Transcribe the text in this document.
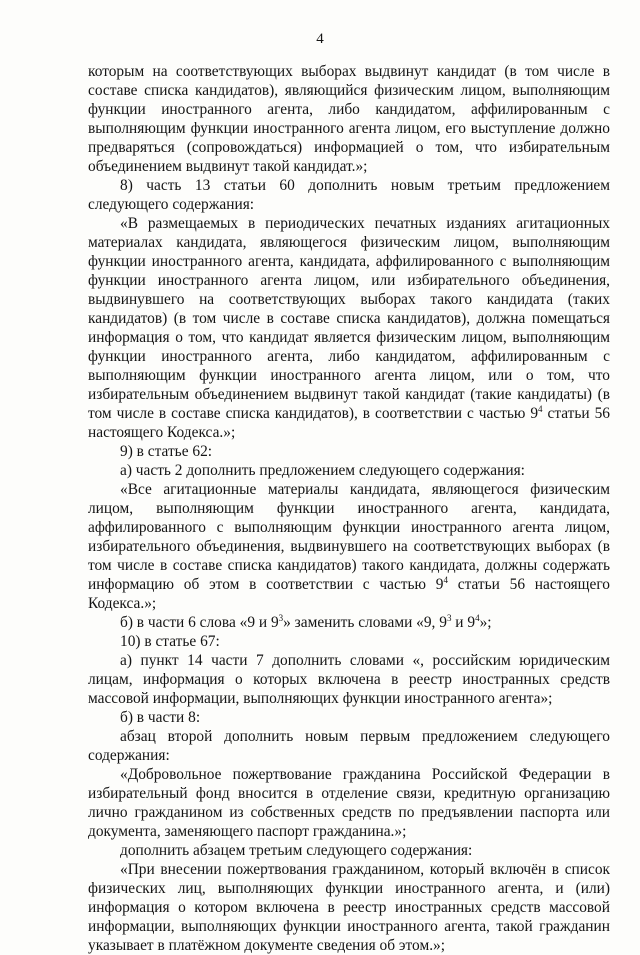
4

которым на соответствующих выборах выдвинут кандидат (в том числе в составе списка кандидатов), являющийся физическим лицом, выполняющим функции иностранного агента, либо кандидатом, аффилированным с выполняющим функции иностранного агента лицом, его выступление должно предваряться (сопровождаться) информацией о том, что избирательным объединением выдвинут такой кандидат.»;

8) часть 13 статьи 60 дополнить новым третьим предложением следующего содержания:

«В размещаемых в периодических печатных изданиях агитационных материалах кандидата, являющегося физическим лицом, выполняющим функции иностранного агента, кандидата, аффилированного с выполняющим функции иностранного агента лицом, или избирательного объединения, выдвинувшего на соответствующих выборах такого кандидата (таких кандидатов) (в том числе в составе списка кандидатов), должна помещаться информация о том, что кандидат является физическим лицом, выполняющим функции иностранного агента, либо кандидатом, аффилированным с выполняющим функции иностранного агента лицом, или о том, что избирательным объединением выдвинут такой кандидат (такие кандидаты) (в том числе в составе списка кандидатов), в соответствии с частью $9^4$ статьи 56 настоящего Кодекса.»;

9) в статье 62:

а) часть 2 дополнить предложением следующего содержания:

«Все агитационные материалы кандидата, являющегося физическим лицом, выполняющим функции иностранного агента, кандидата, аффилированного с выполняющим функции иностранного агента лицом, избирательного объединения, выдвинувшего на соответствующих выборах (в том числе в составе списка кандидатов) такого кандидата, должны содержать информацию об этом в соответствии с частью $9^4$ статьи 56 настоящего Кодекса.»;

б) в части 6 слова «9 и $9^3$» заменить словами «9, $9^3$ и $9^4$»;

10) в статье 67:

а) пункт 14 части 7 дополнить словами «, российским юридическим лицам, информация о которых включена в реестр иностранных средств массовой информации, выполняющих функции иностранного агента»;

б) в части 8:

абзац второй дополнить новым первым предложением следующего содержания:

«Добровольное пожертвование гражданина Российской Федерации в избирательный фонд вносится в отделение связи, кредитную организацию лично гражданином из собственных средств по предъявлении паспорта или документа, заменяющего паспорт гражданина.»;

дополнить абзацем третьим следующего содержания:

«При внесении пожертвования гражданином, который включён в список физических лиц, выполняющих функции иностранного агента, и (или) информация о котором включена в реестр иностранных средств массовой информации, выполняющих функции иностранного агента, такой гражданин указывает в платёжном документе сведения об этом.»;
